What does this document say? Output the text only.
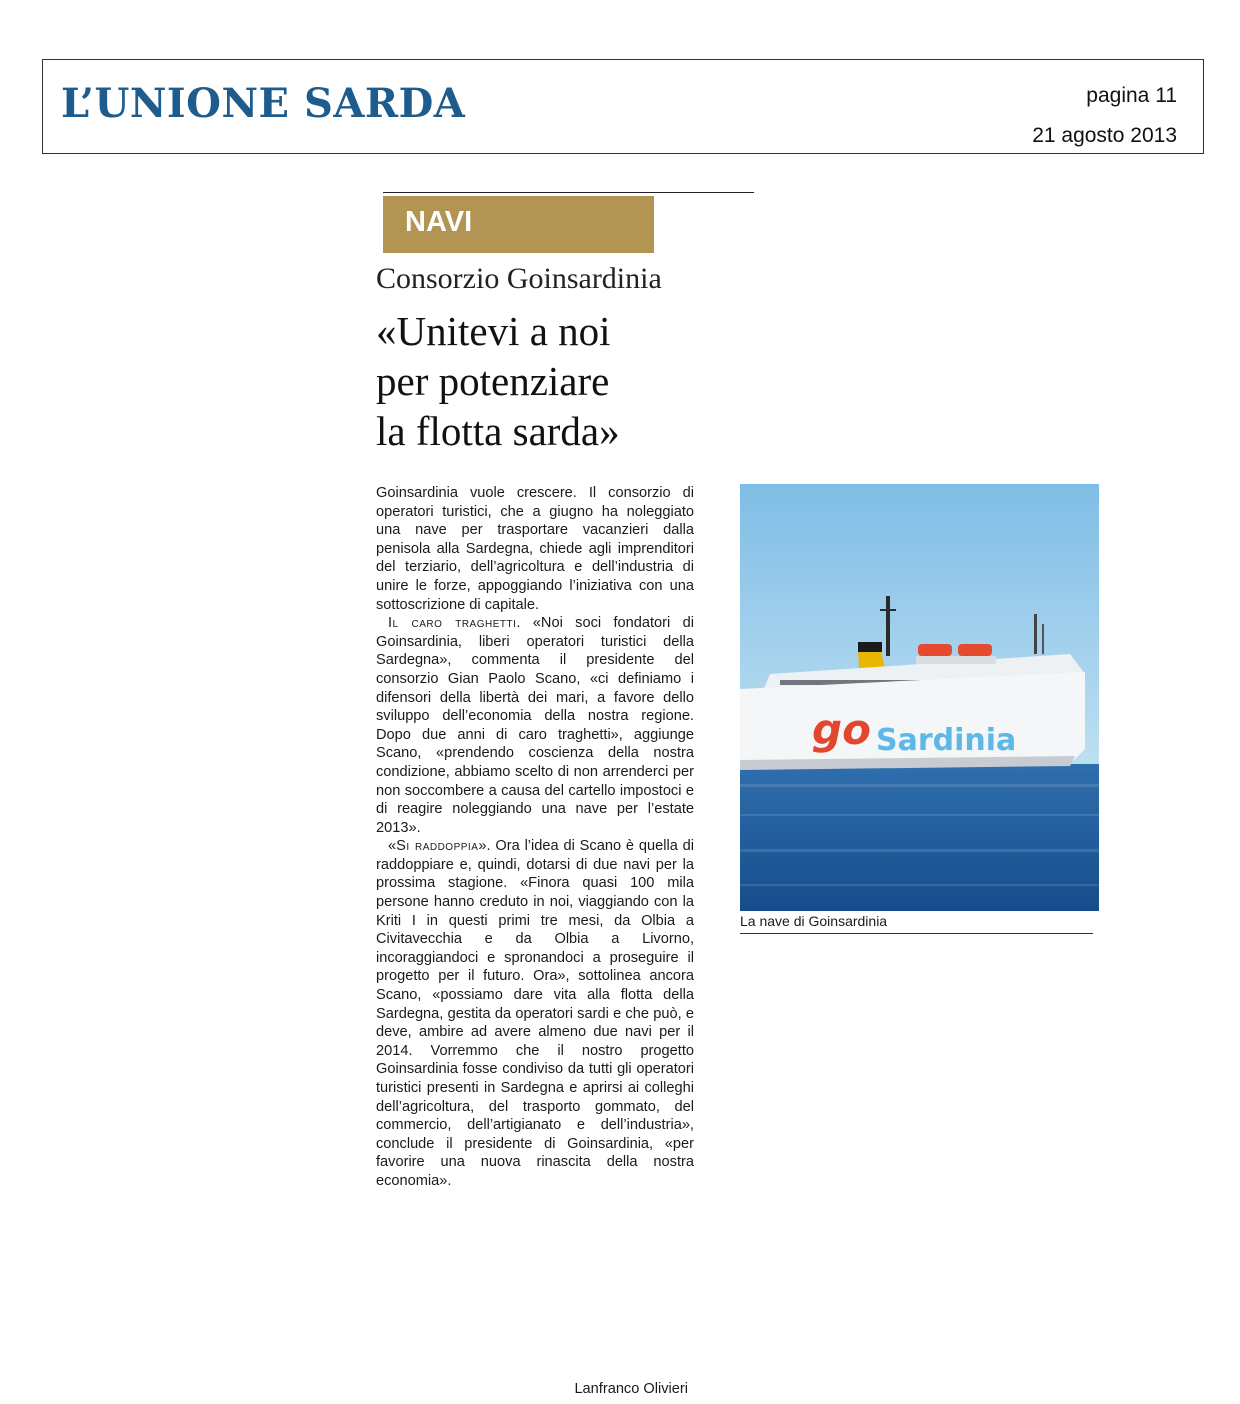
L’UNIONE SARDA	pagina 11
21 agosto 2013
NAVI
Consorzio Goinsardinia
«Unitevi a noi
per potenziare
la flotta sarda»

Goinsardinia vuole crescere. Il consorzio di operatori turistici, che a giugno ha noleggiato una nave per trasportare vacanzieri dalla penisola alla Sardegna, chiede agli imprenditori del terziario, dell’agricoltura e dell’industria di unire le forze, appoggiando l’iniziativa con una sottoscrizione di capitale.

Il caro traghetti. «Noi soci fondatori di Goinsardinia, liberi operatori turistici della Sardegna», commenta il presidente del consorzio Gian Paolo Scano, «ci definiamo i difensori della libertà dei mari, a favore dello sviluppo dell’economia della nostra regione. Dopo due anni di caro traghetti», aggiunge Scano, «prendendo coscienza della nostra condizione, abbiamo scelto di non arrenderci per non soccombere a causa del cartello impostoci e di reagire noleggiando una nave per l’estate 2013».

«Si raddoppia». Ora l’idea di Scano è quella di raddoppiare e, quindi, dotarsi di due navi per la prossima stagione. «Finora quasi 100 mila persone hanno creduto in noi, viaggiando con la Kriti I in questi primi tre mesi, da Olbia a Civitavecchia e da Olbia a Livorno, incoraggiandoci e spronandoci a proseguire il progetto per il futuro. Ora», sottolinea ancora Scano, «possiamo dare vita alla flotta della Sardegna, gestita da operatori sardi e che può, e deve, ambire ad avere almeno due navi per il 2014. Vorremmo che il nostro progetto Goinsardinia fosse condiviso da tutti gli operatori turistici presenti in Sardegna e aprirsi ai colleghi dell’agricoltura, del trasporto gommato, del commercio, dell’artigianato e dell’industria», conclude il presidente di Goinsardinia, «per favorire una nuova rinascita della nostra economia».

Lanfranco Olivieri
go Sardinia
La nave di Goinsardinia
